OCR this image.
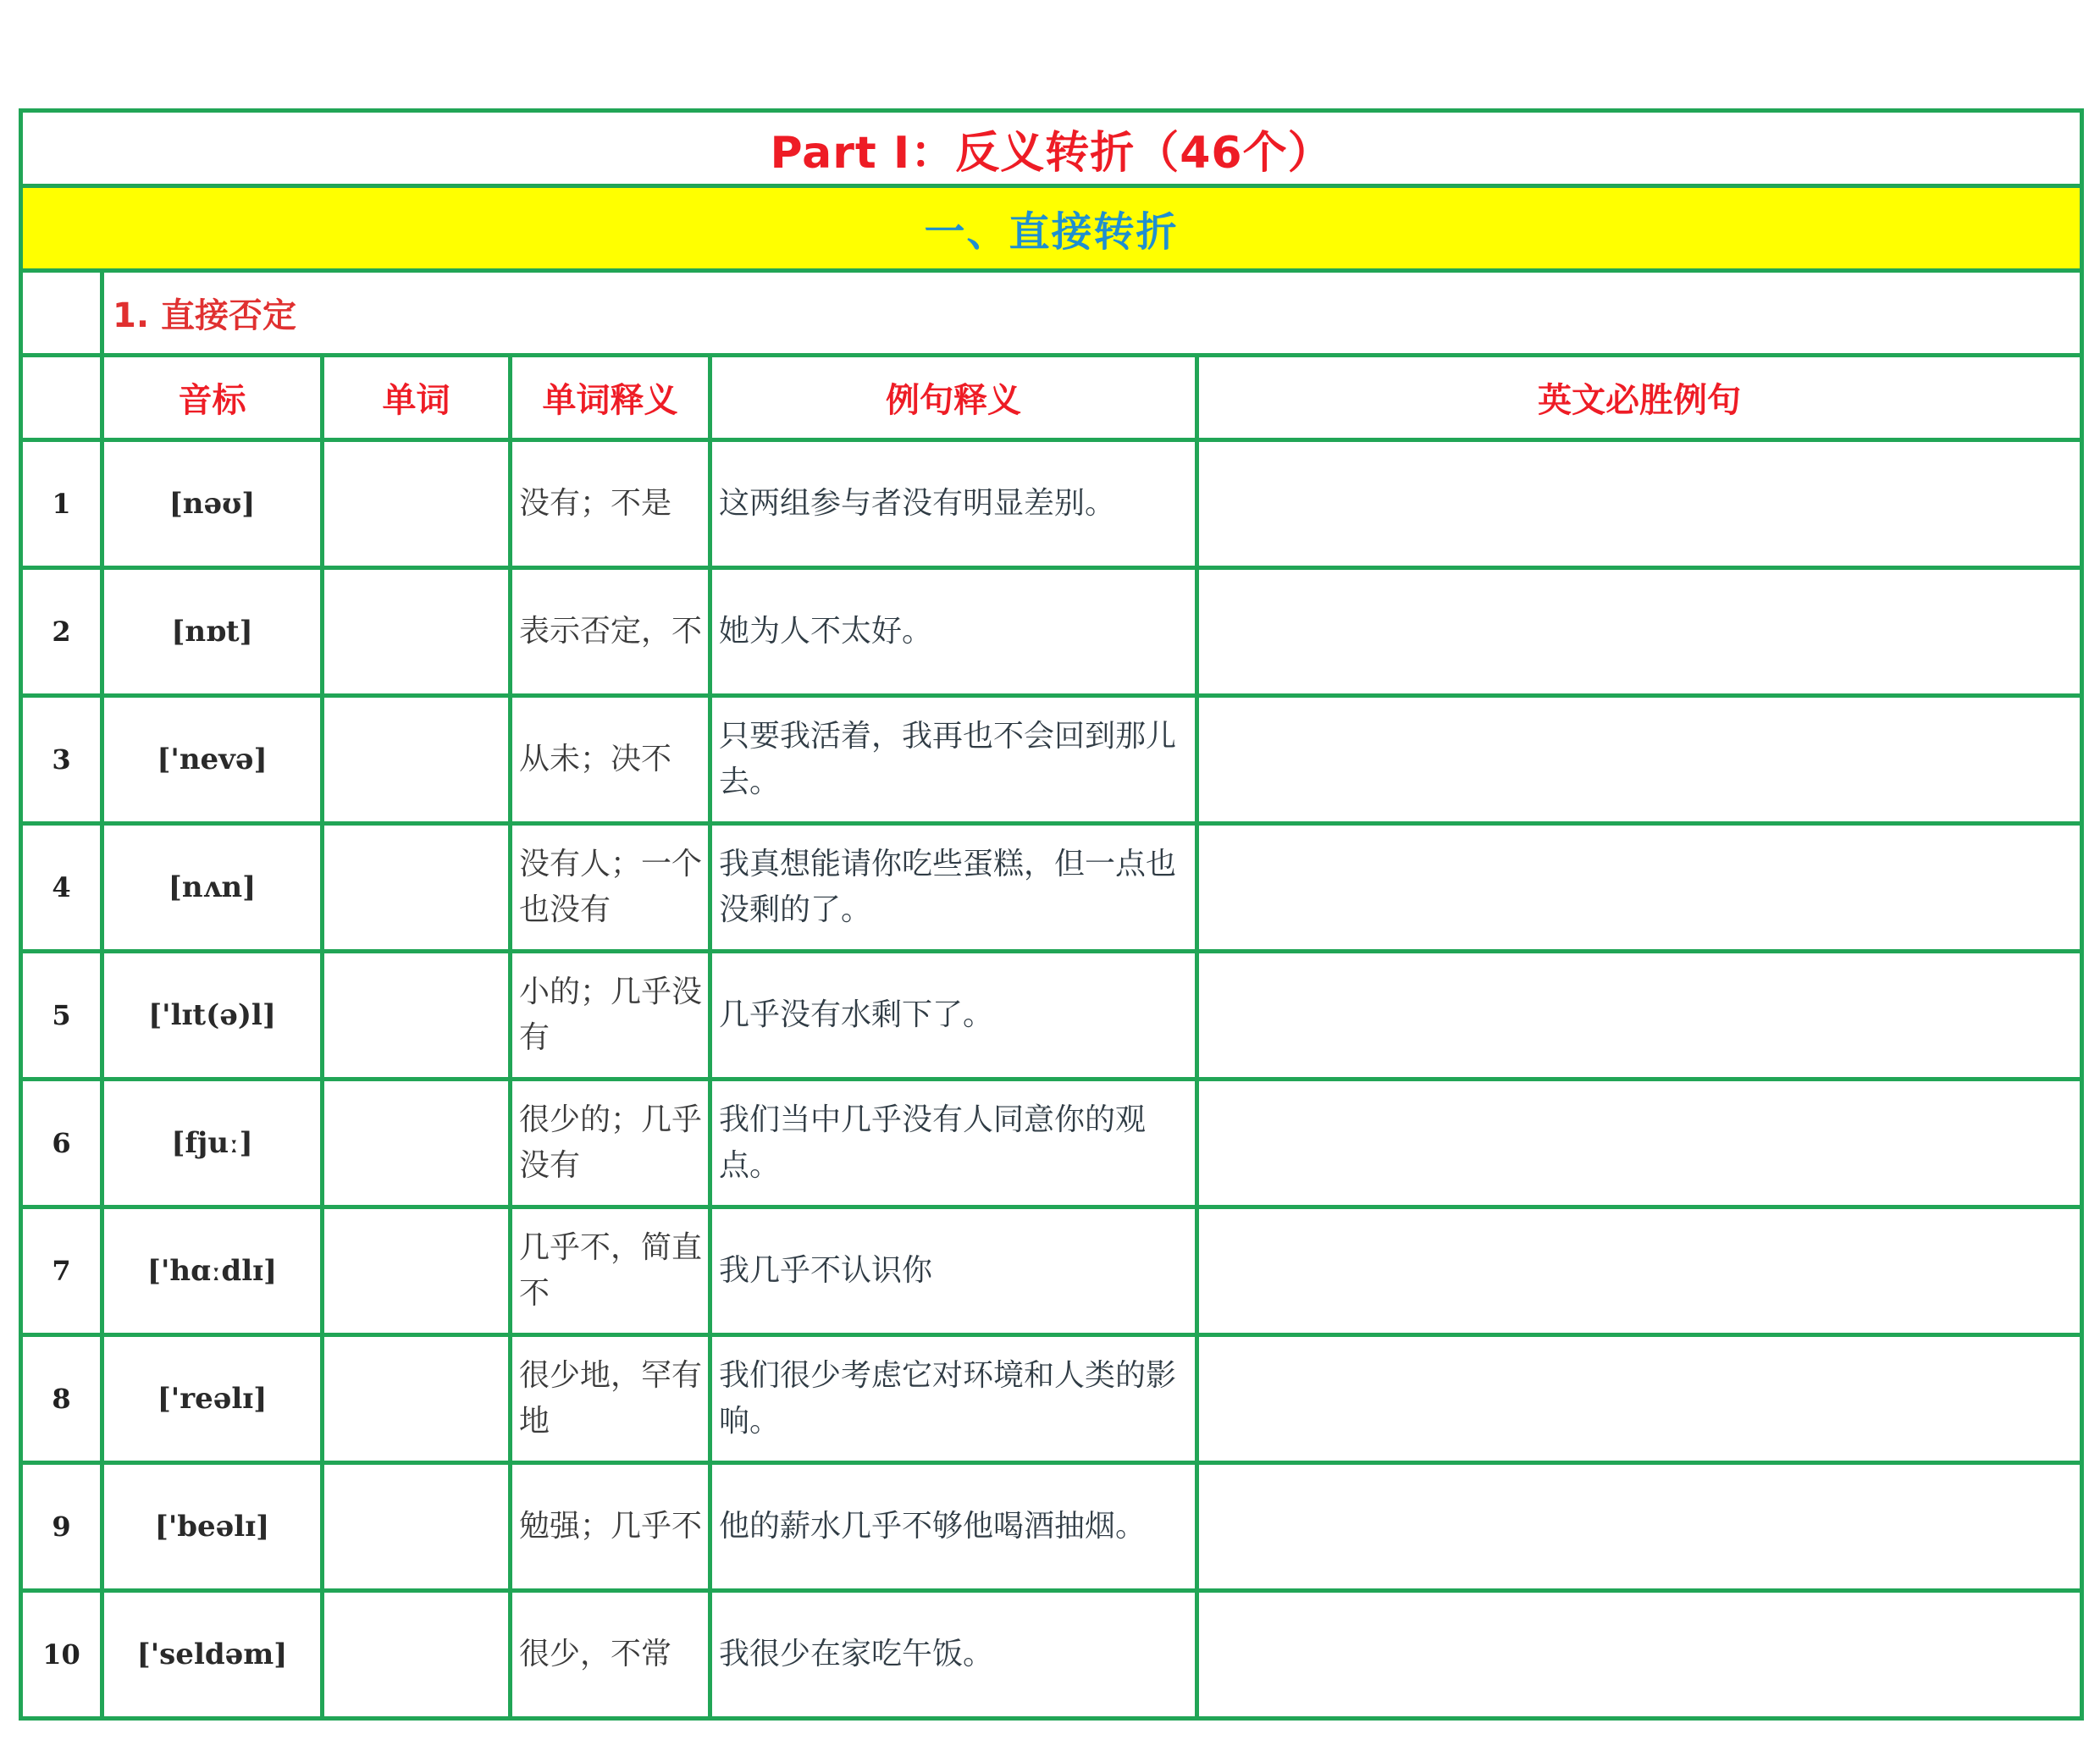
Part I：反义转折（46个）					
一、直接转折					
	1. 直接否定				
	音标	单词	单词释义	例句释义	英文必胜例句
1	[nəʊ]		没有；不是	这两组参与者没有明显差别。	
2	[nɒt]		表示否定，不	她为人不太好。	
3	['nevə]		从未；决不	只要我活着，我再也不会回到那儿去。	
4	[nʌn]		没有人；一个也没有	我真想能请你吃些蛋糕，但一点也没剩的了。	
5	['lɪt(ə)l]		小的；几乎没有	几乎没有水剩下了。	
6	[fjuː]		很少的；几乎没有	我们当中几乎没有人同意你的观点。	
7	['hɑːdlɪ]		几乎不，简直不	我几乎不认识你	
8	['reəlɪ]		很少地，罕有地	我们很少考虑它对环境和人类的影响。	
9	['beəlɪ]		勉强；几乎不	他的薪水几乎不够他喝酒抽烟。	
10	['seldəm]		很少，不常	我很少在家吃午饭。	
